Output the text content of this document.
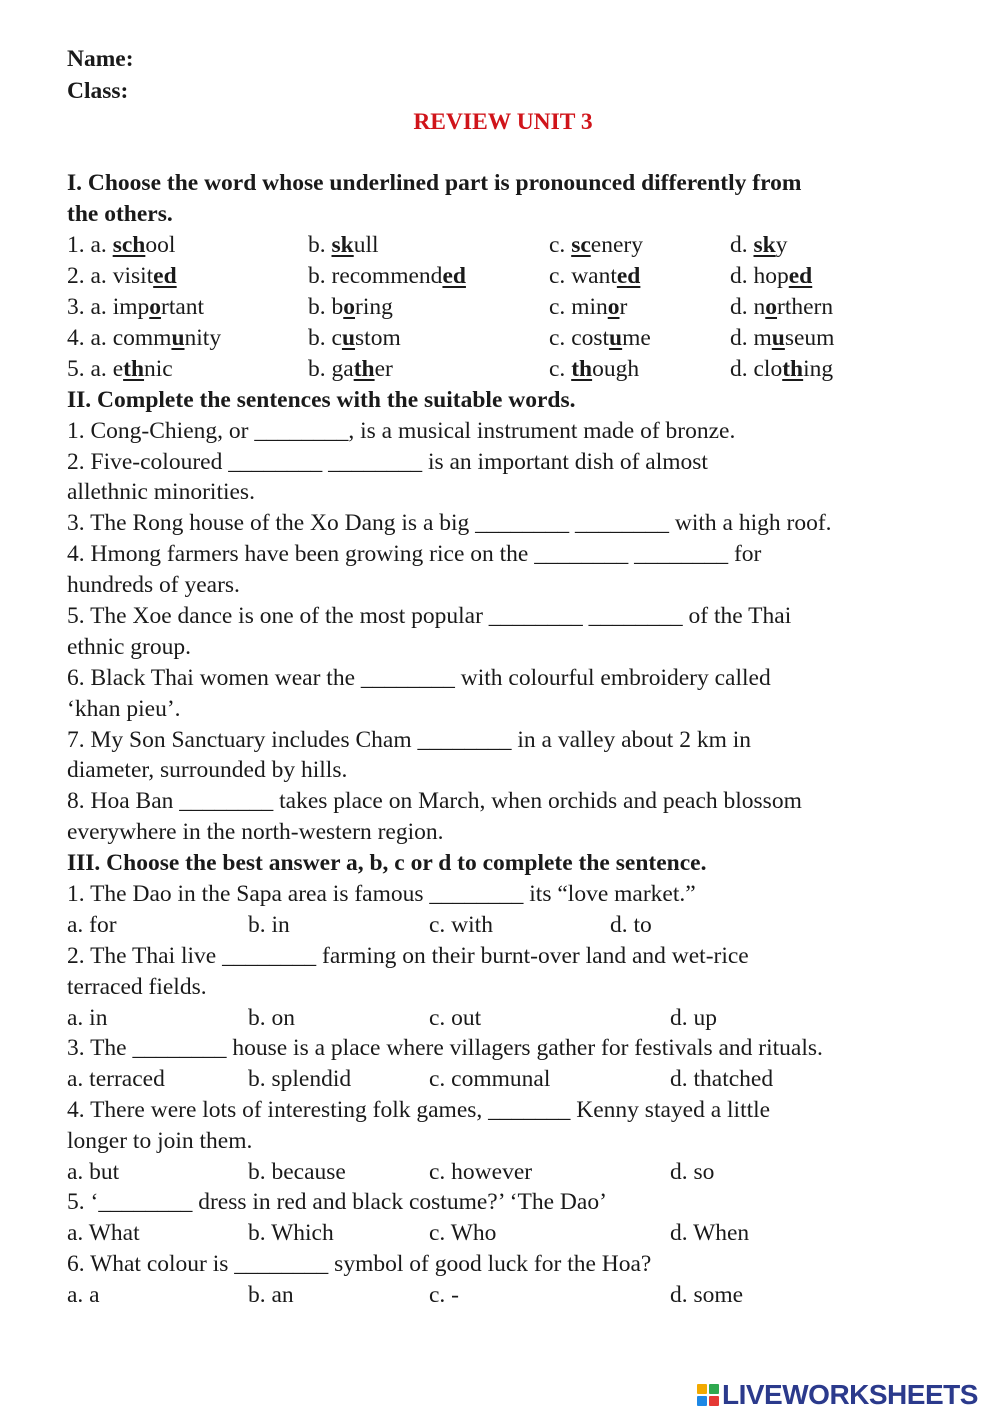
Name:
Class:
REVIEW UNIT 3
I. Choose the word whose underlined part is pronounced differently from
the others.
1. a. school	b. skull	c. scenery	d. sky
2. a. visited	b. recommended	c. wanted	d. hoped
3. a. important	b. boring	c. minor	d. northern
4. a. community	b. custom	c. costume	d. museum
5. a. ethnic	b. gather	c. though	d. clothing
II. Complete the sentences with the suitable words.
1. Cong-Chieng, or ________, is a musical instrument made of bronze.
2. Five-coloured ________ ________ is an important dish of almost
allethnic minorities.
3. The Rong house of the Xo Dang is a big ________ ________ with a high roof.
4. Hmong farmers have been growing rice on the ________ ________ for
hundreds of years.
5. The Xoe dance is one of the most popular ________ ________ of the Thai
ethnic group.
6. Black Thai women wear the ________ with colourful embroidery called
‘khan pieu’.
7. My Son Sanctuary includes Cham ________ in a valley about 2 km in
diameter, surrounded by hills.
8. Hoa Ban ________ takes place on March, when orchids and peach blossom
everywhere in the north-western region.
III. Choose the best answer a, b, c or d to complete the sentence.
1. The Dao in the Sapa area is famous ________ its “love market.”
a. for	b. in	c. with	d. to
2. The Thai live ________ farming on their burnt-over land and wet-rice
terraced fields.
a. in	b. on	c. out	d. up
3. The ________ house is a place where villagers gather for festivals and rituals.
a. terraced	b. splendid	c. communal	d. thatched
4. There were lots of interesting folk games, _______ Kenny stayed a little
longer to join them.
a. but	b. because	c. however	d. so
5. ‘________ dress in red and black costume?’ ‘The Dao’
a. What	b. Which	c. Who	d. When
6. What colour is ________ symbol of good luck for the Hoa?
a. a	b. an	c. -	d. some
LIVEWORKSHEETS
